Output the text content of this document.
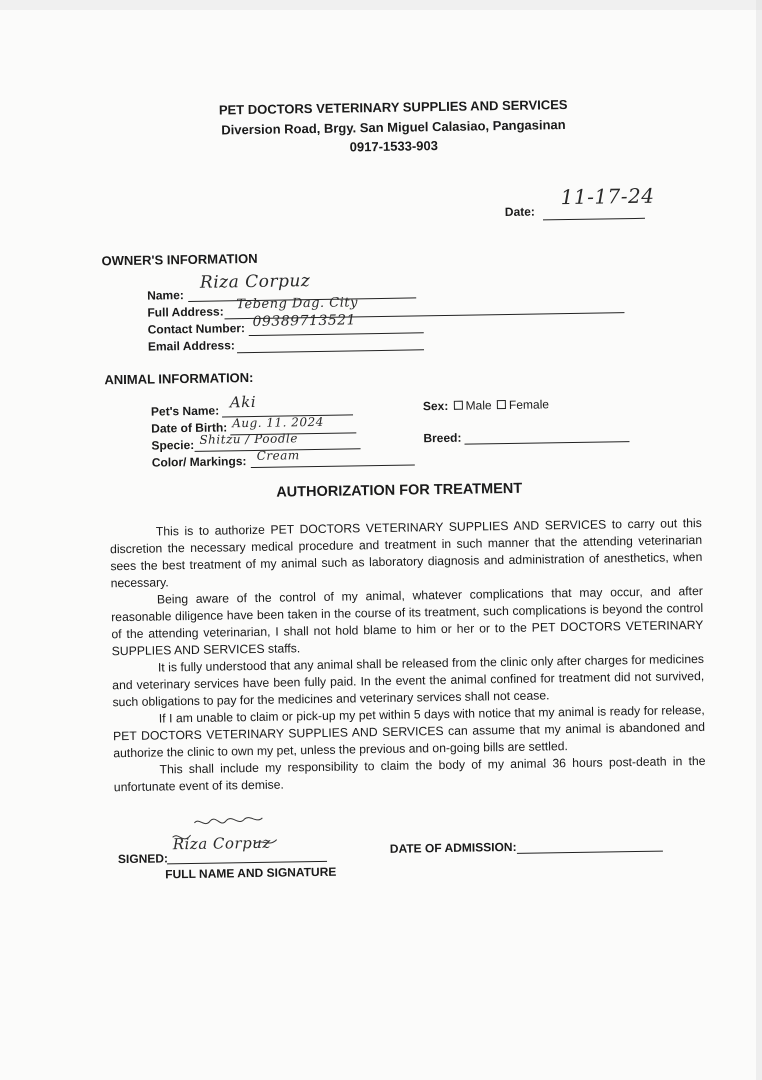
PET DOCTORS VETERINARY SUPPLIES AND SERVICES
Diversion Road, Brgy. San Miguel Calasiao, Pangasinan
0917-1533-903
Date:
11-17-24
OWNER'S INFORMATION
Name:
Riza Corpuz
Full Address: Tebeng Dag. City
Contact Number: 09389713521
Email Address:
ANIMAL INFORMATION:
Pet's Name: Aki
Date of Birth: Aug. 11. 2024
Specie: Shitzu / Poodle
Color/ Markings: Cream
Sex: Male Female
Breed:
AUTHORIZATION FOR TREATMENT

This is to authorize PET DOCTORS VETERINARY SUPPLIES AND SERVICES to carry out this discretion the necessary medical procedure and treatment in such manner that the attending veterinarian sees the best treatment of my animal such as laboratory diagnosis and administration of anesthetics, when necessary.

Being aware of the control of my animal, whatever complications that may occur, and after reasonable diligence have been taken in the course of its treatment, such complications is beyond the control of the attending veterinarian, I shall not hold blame to him or her or to the PET DOCTORS VETERINARY SUPPLIES AND SERVICES staffs.

It is fully understood that any animal shall be released from the clinic only after charges for medicines and veterinary services have been fully paid. In the event the animal confined for treatment did not survived, such obligations to pay for the medicines and veterinary services shall not cease.

If I am unable to claim or pick-up my pet within 5 days with notice that my animal is ready for release, PET DOCTORS VETERINARY SUPPLIES AND SERVICES can assume that my animal is abandoned and authorize the clinic to own my pet, unless the previous and on-going bills are settled.

This shall include my responsibility to claim the body of my animal 36 hours post-death in the unfortunate event of its demise.

SIGNED:
Riza Corpuz
FULL NAME AND SIGNATURE
DATE OF ADMISSION:
